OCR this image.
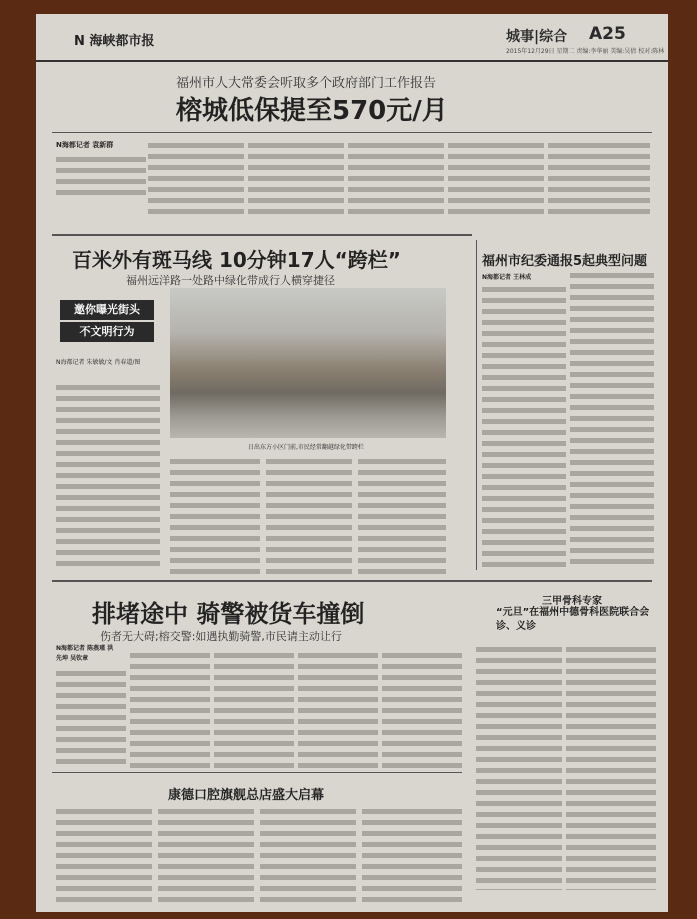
N 海峡都市报	城事|综合 A25
2015年12月29日 星期二 责编:李华丽 美编:吴倩 校对:陈林
福州市人大常委会听取多个政府部门工作报告
榕城低保提至570元/月
N海都记者 袁新群
百米外有斑马线 10分钟17人“跨栏”
福州远洋路一处路中绿化带成行人横穿捷径
邀你曝光街头
不文明行为
N海都记者 朱敏敏/文 肖春道/图
日出东方小区门前,市民经常翻越绿化带跨栏
福州市纪委通报5起典型问题
N海都记者 王林成
排堵途中 骑警被货车撞倒
伤者无大碍;榕交警:如遇执勤骑警,市民请主动让行
N海都记者 陈燕瑾 洪先坤 吴钦章
三甲骨科专家
“元旦”在福州中德骨科医院联合会诊、义诊
康德口腔旗舰总店盛大启幕
